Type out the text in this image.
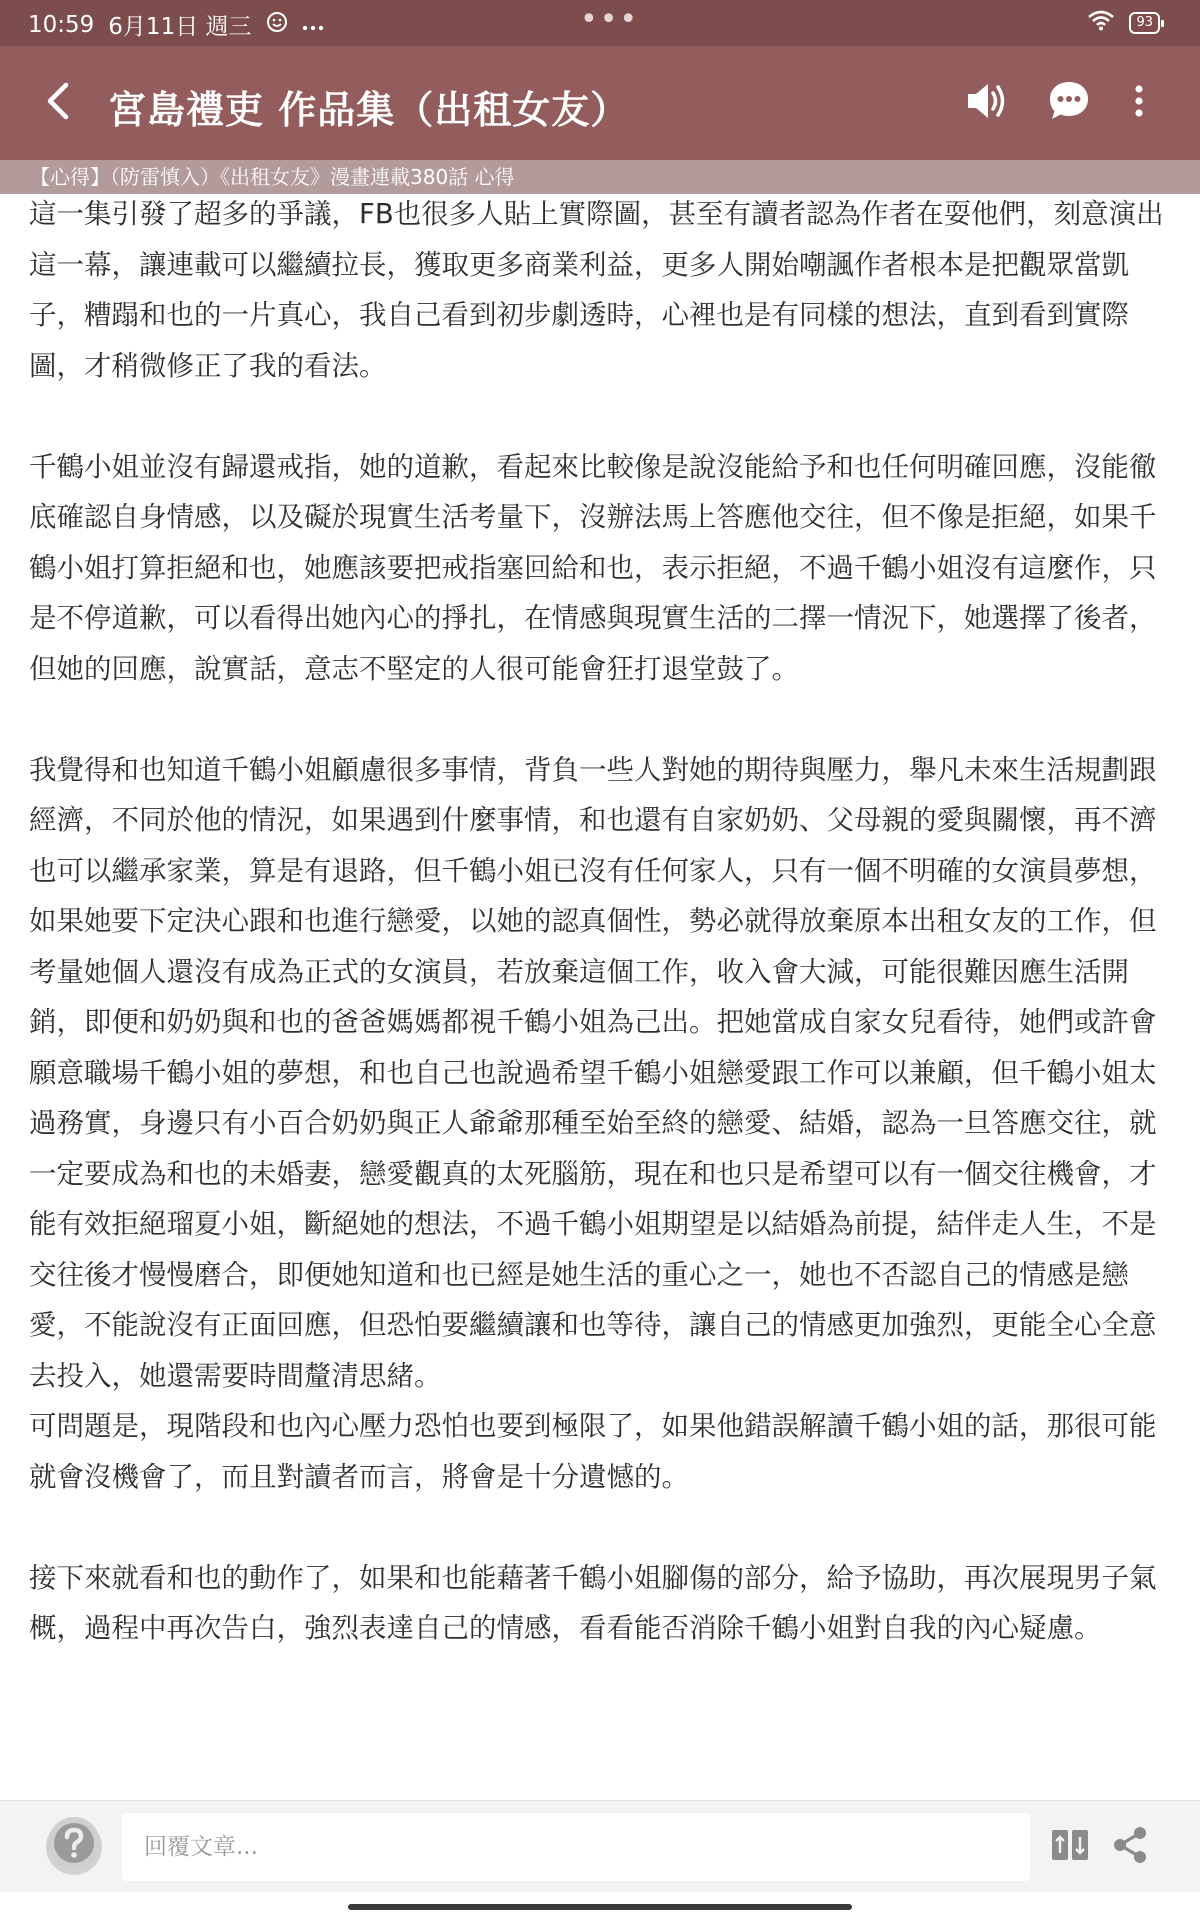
10:59 6月11日 週三	•••	93
宮島禮吏 作品集（出租女友）
【心得】（防雷慎入）《出租女友》漫畫連載380話 心得

這一集引發了超多的爭議，FB也很多人貼上實際圖，甚至有讀者認為作者在耍他們，刻意演出這一幕，讓連載可以繼續拉長，獲取更多商業利益，更多人開始嘲諷作者根本是把觀眾當凱子，糟蹋和也的一片真心，我自己看到初步劇透時，心裡也是有同樣的想法，直到看到實際圖，才稍微修正了我的看法。

千鶴小姐並沒有歸還戒指，她的道歉，看起來比較像是說沒能給予和也任何明確回應，沒能徹底確認自身情感，以及礙於現實生活考量下，沒辦法馬上答應他交往，但不像是拒絕，如果千鶴小姐打算拒絕和也，她應該要把戒指塞回給和也，表示拒絕，不過千鶴小姐沒有這麼作，只是不停道歉，可以看得出她內心的掙扎，在情感與現實生活的二擇一情況下，她選擇了後者，但她的回應，說實話，意志不堅定的人很可能會狂打退堂鼓了。

我覺得和也知道千鶴小姐顧慮很多事情，背負一些人對她的期待與壓力，舉凡未來生活規劃跟經濟，不同於他的情況，如果遇到什麼事情，和也還有自家奶奶、父母親的愛與關懷，再不濟也可以繼承家業，算是有退路，但千鶴小姐已沒有任何家人，只有一個不明確的女演員夢想，如果她要下定決心跟和也進行戀愛，以她的認真個性，勢必就得放棄原本出租女友的工作，但考量她個人還沒有成為正式的女演員，若放棄這個工作，收入會大減，可能很難因應生活開銷，即便和奶奶與和也的爸爸媽媽都視千鶴小姐為己出。把她當成自家女兒看待，她們或許會願意職場千鶴小姐的夢想，和也自己也說過希望千鶴小姐戀愛跟工作可以兼顧，但千鶴小姐太過務實，身邊只有小百合奶奶與正人爺爺那種至始至終的戀愛、結婚，認為一旦答應交往，就一定要成為和也的未婚妻，戀愛觀真的太死腦筋，現在和也只是希望可以有一個交往機會，才能有效拒絕瑠夏小姐，斷絕她的想法，不過千鶴小姐期望是以結婚為前提，結伴走人生，不是交往後才慢慢磨合，即便她知道和也已經是她生活的重心之一，她也不否認自己的情感是戀愛，不能說沒有正面回應，但恐怕要繼續讓和也等待，讓自己的情感更加強烈，更能全心全意去投入，她還需要時間釐清思緒。

可問題是，現階段和也內心壓力恐怕也要到極限了，如果他錯誤解讀千鶴小姐的話，那很可能就會沒機會了，而且對讀者而言，將會是十分遺憾的。

接下來就看和也的動作了，如果和也能藉著千鶴小姐腳傷的部分，給予協助，再次展現男子氣概，過程中再次告白，強烈表達自己的情感，看看能否消除千鶴小姐對自我的內心疑慮。

回覆文章...
